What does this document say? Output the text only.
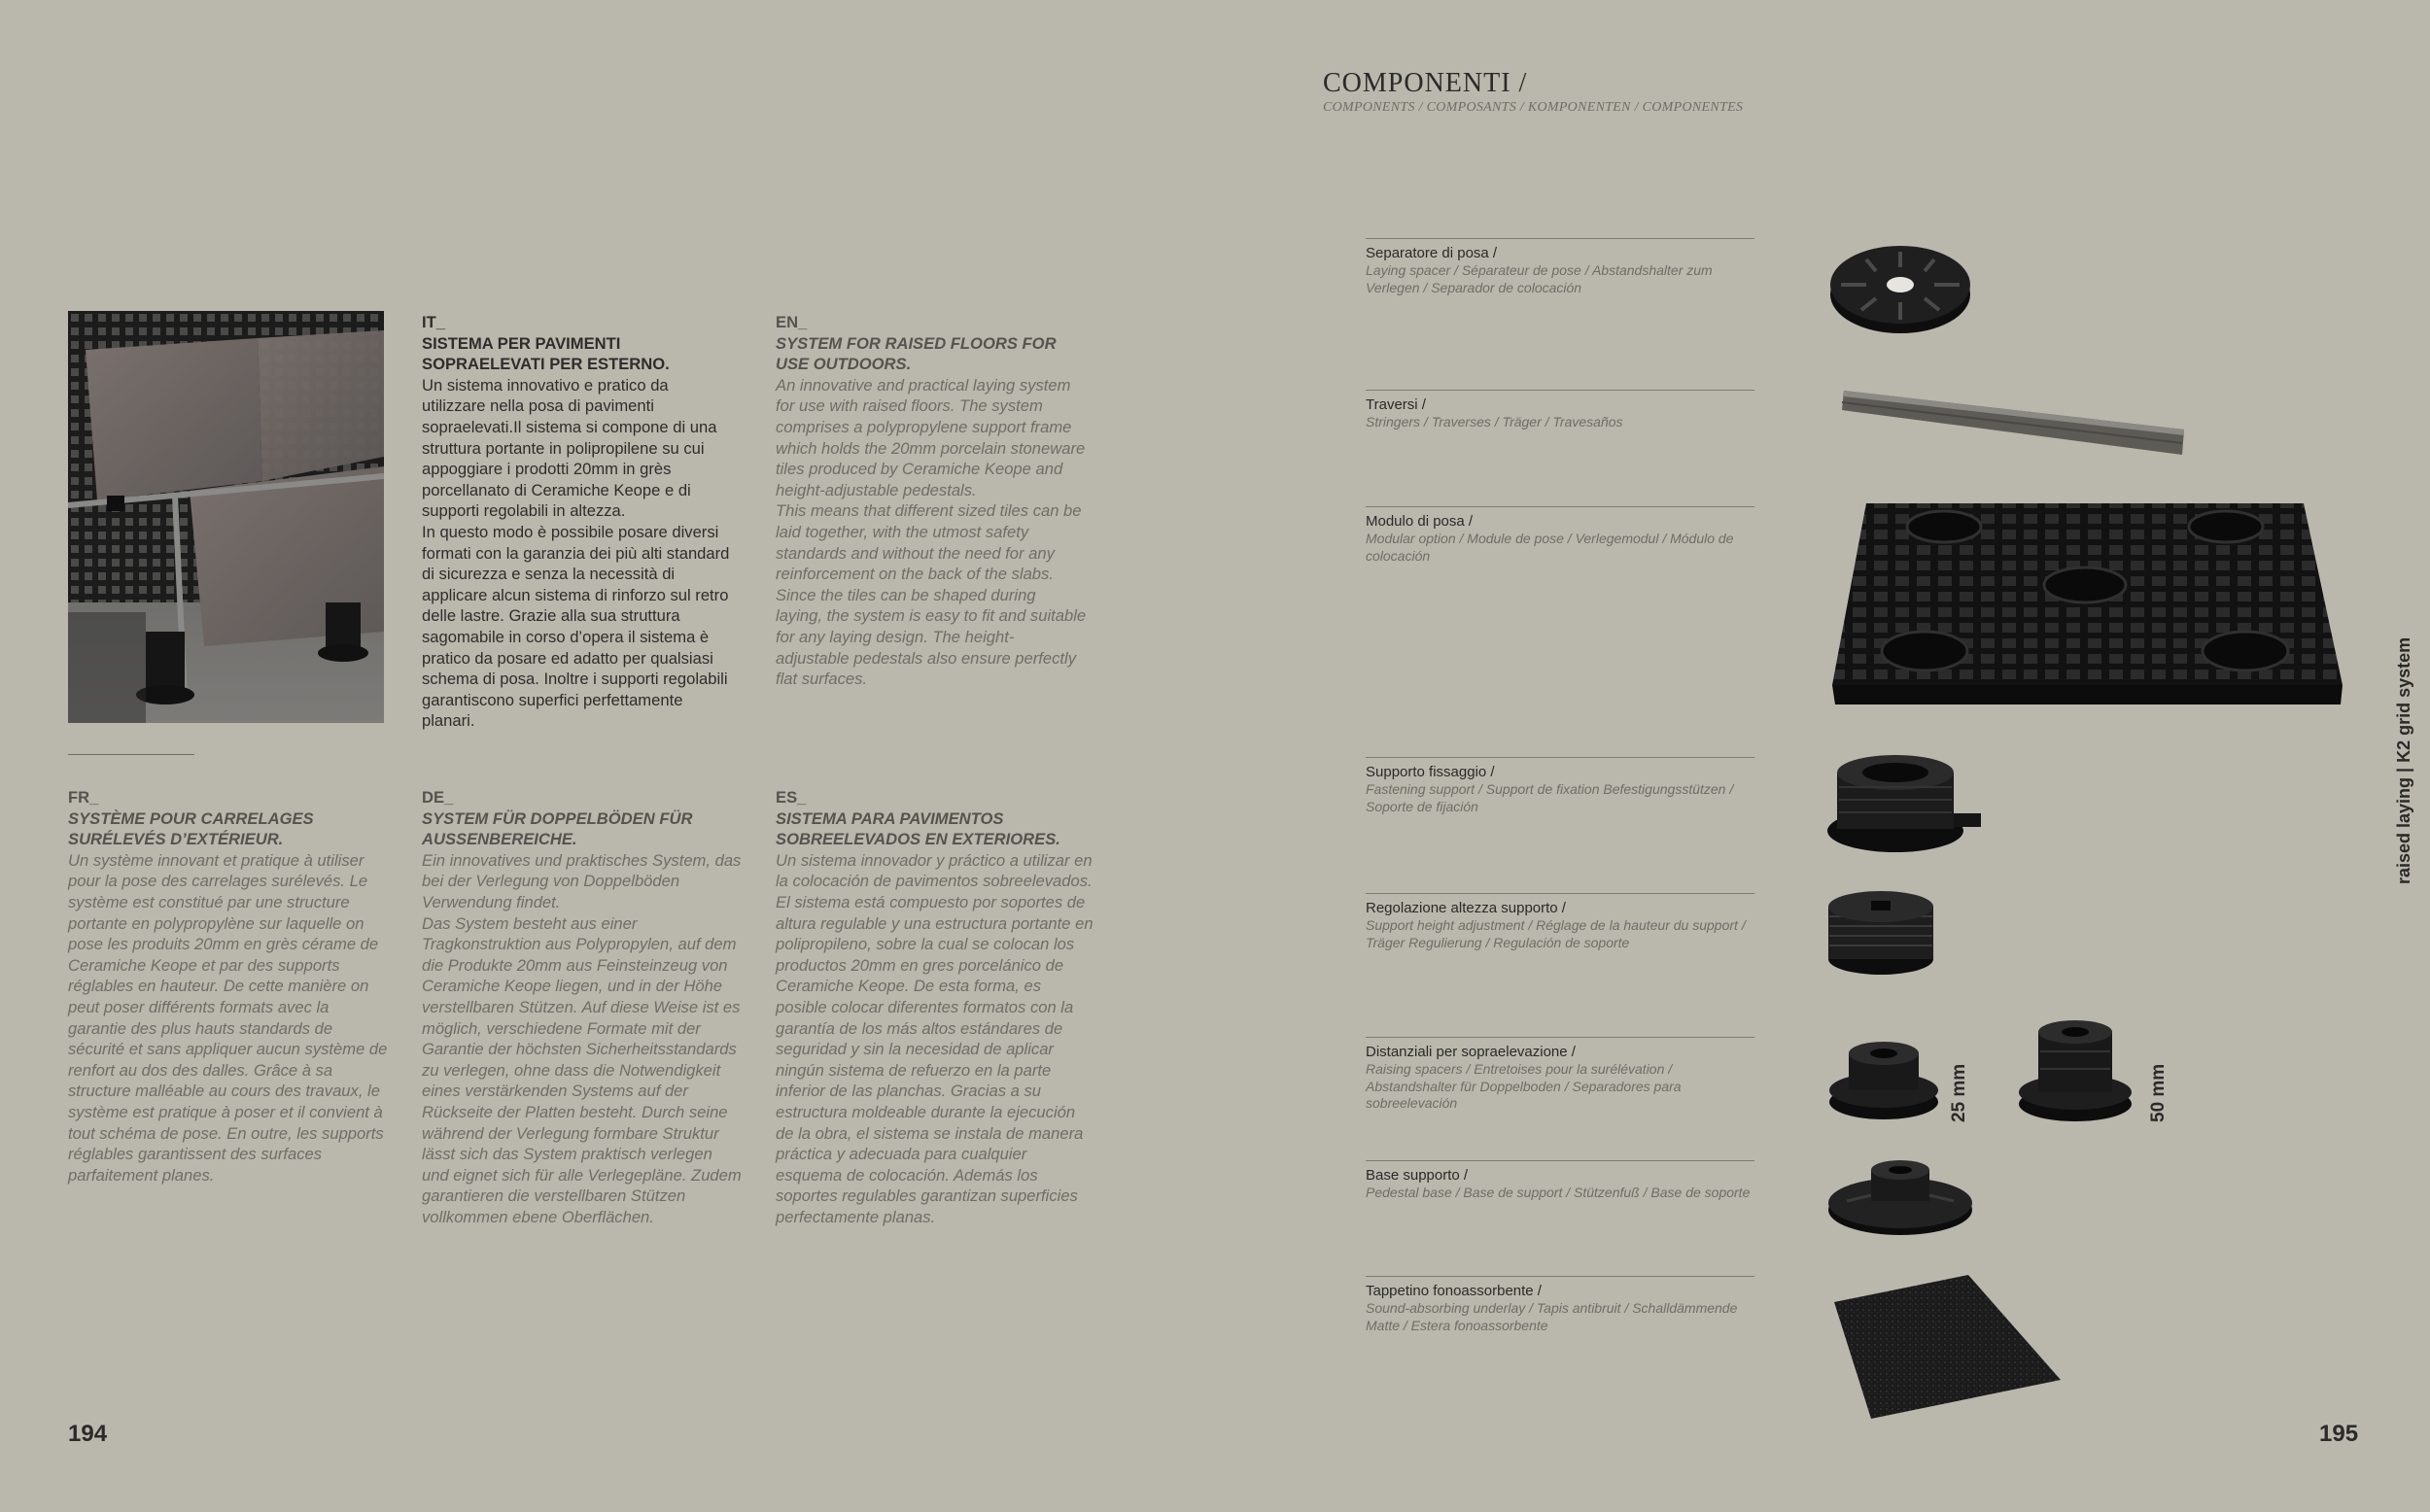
IT_
SISTEMA PER PAVIMENTI SOPRAELEVATI PER ESTERNO.
Un sistema innovativo e pratico da utilizzare nella posa di pavimenti sopraelevati.Il sistema si compone di una struttura portante in polipropilene su cui appoggiare i prodotti 20mm in grès porcellanato di Ceramiche Keope e di supporti regolabili in altezza.
In questo modo è possibile posare diversi formati con la garanzia dei più alti standard di sicurezza e senza la necessità di applicare alcun sistema di rinforzo sul retro delle lastre. Grazie alla sua struttura sagomabile in corso d’opera il sistema è pratico da posare ed adatto per qualsiasi schema di posa. Inoltre i supporti regolabili garantiscono superfici perfettamente planari.
EN_
SYSTEM FOR RAISED FLOORS FOR USE OUTDOORS.
An innovative and practical laying system for use with raised floors. The system comprises a polypropylene support frame which holds the 20mm porcelain stoneware tiles produced by Ceramiche Keope and height-adjustable pedestals.
This means that different sized tiles can be laid together, with the utmost safety standards and without the need for any reinforcement on the back of the slabs.
Since the tiles can be shaped during laying, the system is easy to fit and suitable for any laying design. The height-adjustable pedestals also ensure perfectly flat surfaces.
FR_
SYSTÈME POUR CARRELAGES SURÉLEVÉS D’EXTÉRIEUR.
Un système innovant et pratique à utiliser pour la pose des carrelages surélevés. Le système est constitué par une structure portante en polypropylène sur laquelle on pose les produits 20mm en grès cérame de Ceramiche Keope et par des supports réglables en hauteur. De cette manière on peut poser différents formats avec la garantie des plus hauts standards de sécurité et sans appliquer aucun système de renfort au dos des dalles. Grâce à sa structure malléable au cours des travaux, le système est pratique à poser et il convient à tout schéma de pose. En outre, les supports réglables garantissent des surfaces parfaitement planes.
DE_
SYSTEM FÜR DOPPELBÖDEN FÜR AUSSENBEREICHE.
Ein innovatives und praktisches System, das bei der Verlegung von Doppelböden Verwendung findet.
Das System besteht aus einer Tragkonstruktion aus Polypropylen, auf dem die Produkte 20mm aus Feinsteinzeug von Ceramiche Keope liegen, und in der Höhe verstellbaren Stützen. Auf diese Weise ist es möglich, verschiedene Formate mit der Garantie der höchsten Sicherheitsstandards zu verlegen, ohne dass die Notwendigkeit eines verstärkenden Systems auf der Rückseite der Platten besteht. Durch seine während der Verlegung formbare Struktur lässt sich das System praktisch verlegen und eignet sich für alle Verlegepläne. Zudem garantieren die verstellbaren Stützen vollkommen ebene Oberflächen.
ES_
SISTEMA PARA PAVIMENTOS SOBREELEVADOS EN EXTERIORES.
Un sistema innovador y práctico a utilizar en la colocación de pavimentos sobreelevados. El sistema está compuesto por soportes de altura regulable y una estructura portante en polipropileno, sobre la cual se colocan los productos 20mm en gres porcelánico de Ceramiche Keope. De esta forma, es posible colocar diferentes formatos con la garantía de los más altos estándares de seguridad y sin la necesidad de aplicar ningún sistema de refuerzo en la parte inferior de las planchas. Gracias a su estructura moldeable durante la ejecución de la obra, el sistema se instala de manera práctica y adecuada para cualquier esquema de colocación. Además los soportes regulables garantizan superficies perfectamente planas.
194
COMPONENTI /
COMPONENTS / COMPOSANTS / KOMPONENTEN / COMPONENTES
Separatore di posa /
Laying spacer / Séparateur de pose / Abstandshalter zum Verlegen / Separador de colocación
Traversi /
Stringers / Traverses / Träger / Travesaños
Modulo di posa /
Modular option / Module de pose / Verlegemodul / Módulo de colocación
Supporto fissaggio /
Fastening support / Support de fixation Befestigungsstützen / Soporte de fijación
Regolazione altezza supporto /
Support height adjustment / Réglage de la hauteur du support / Träger Regulierung / Regulación de soporte
Distanziali per sopraelevazione /
Raising spacers / Entretoises pour la surélévation / Abstandshalter für Doppelboden / Separadores para sobreelevación
Base supporto /
Pedestal base / Base de support / Stützenfuß / Base de soporte
Tappetino fonoassorbente /
Sound-absorbing underlay / Tapis antibruit / Schalldämmende Matte / Estera fonoassorbente
25 mm	50 mm
raised laying | K2 grid system
195
